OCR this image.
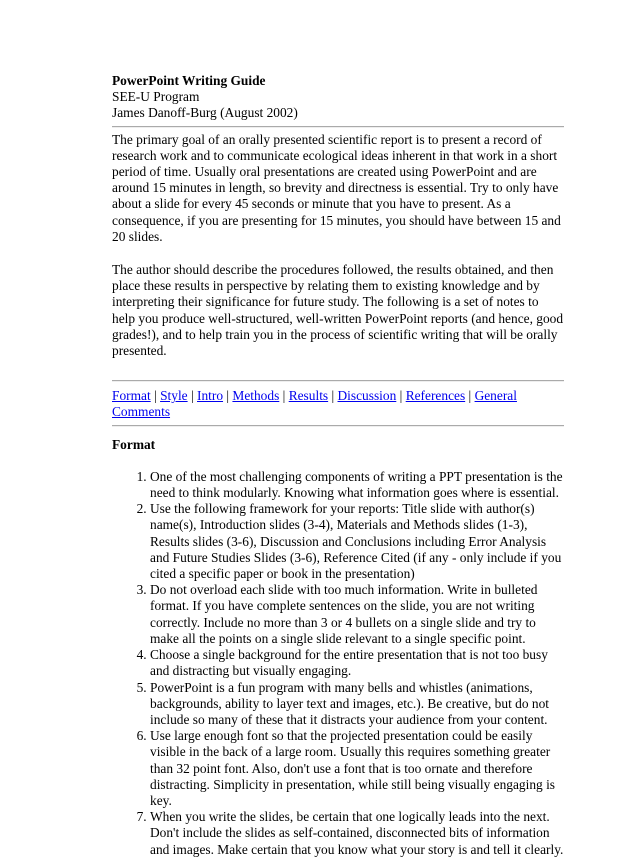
PowerPoint Writing Guide
SEE-U Program
James Danoff-Burg (August 2002)

The primary goal of an orally presented scientific report is to present a record of research work and to communicate ecological ideas inherent in that work in a short period of time. Usually oral presentations are created using PowerPoint and are around 15 minutes in length, so brevity and directness is essential. Try to only have about a slide for every 45 seconds or minute that you have to present. As a consequence, if you are presenting for 15 minutes, you should have between 15 and 20 slides.

The author should describe the procedures followed, the results obtained, and then place these results in perspective by relating them to existing knowledge and by interpreting their significance for future study. The following is a set of notes to help you produce well-structured, well-written PowerPoint reports (and hence, good grades!), and to help train you in the process of scientific writing that will be orally presented.

Format | Style | Intro | Methods | Results | Discussion | References | General Comments
Format
1. One of the most challenging components of writing a PPT presentation is the need to think modularly. Knowing what information goes where is essential.
2. Use the following framework for your reports: Title slide with author(s) name(s), Introduction slides (3-4), Materials and Methods slides (1-3), Results slides (3-6), Discussion and Conclusions including Error Analysis and Future Studies Slides (3-6), Reference Cited (if any - only include if you cited a specific paper or book in the presentation)
3. Do not overload each slide with too much information. Write in bulleted format. If you have complete sentences on the slide, you are not writing correctly. Include no more than 3 or 4 bullets on a single slide and try to make all the points on a single slide relevant to a single specific point.
4. Choose a single background for the entire presentation that is not too busy and distracting but visually engaging.
5. PowerPoint is a fun program with many bells and whistles (animations, backgrounds, ability to layer text and images, etc.). Be creative, but do not include so many of these that it distracts your audience from your content.
6. Use large enough font so that the projected presentation could be easily visible in the back of a large room. Usually this requires something greater than 32 point font. Also, don't use a font that is too ornate and therefore distracting. Simplicity in presentation, while still being visually engaging is key.
7. When you write the slides, be certain that one logically leads into the next. Don't include the slides as self-contained, disconnected bits of information and images. Make certain that you know what your story is and tell it clearly.
